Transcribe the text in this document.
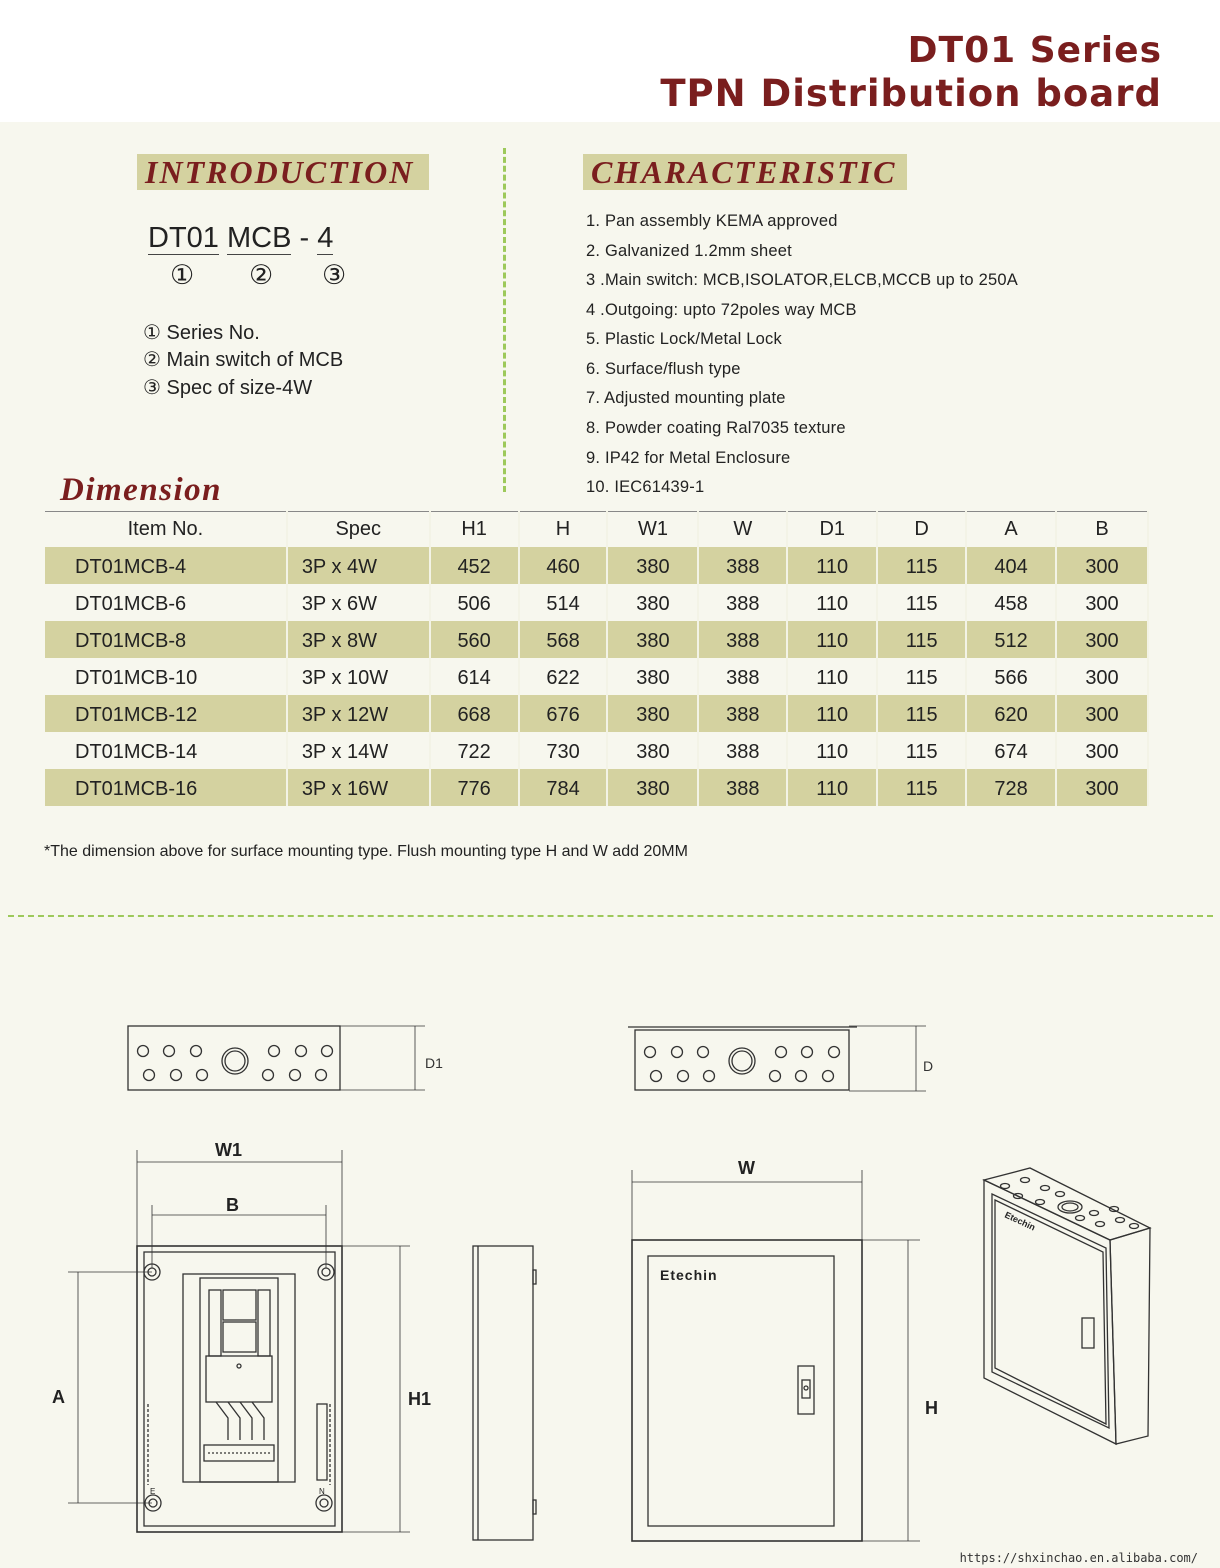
DT01 Series
TPN Distribution board
INTRODUCTION
DT01 MCB - 4
① ② ③
① Series No.
② Main switch of MCB
③ Spec of size-4W
CHARACTERISTIC
1. Pan assembly KEMA approved
2. Galvanized 1.2mm sheet
3 .Main switch: MCB,ISOLATOR,ELCB,MCCB up to 250A
4 .Outgoing: upto 72poles way MCB
5. Plastic Lock/Metal Lock
6. Surface/flush type
7. Adjusted mounting plate
8. Powder coating Ral7035 texture
9. IP42 for Metal Enclosure
10. IEC61439-1
Dimension
Item No.	Spec	H1	H	W1	W	D1	D	A	B
DT01MCB-4	3P x 4W	452	460	380	388	110	115	404	300
DT01MCB-6	3P x 6W	506	514	380	388	110	115	458	300
DT01MCB-8	3P x 8W	560	568	380	388	110	115	512	300
DT01MCB-10	3P x 10W	614	622	380	388	110	115	566	300
DT01MCB-12	3P x 12W	668	676	380	388	110	115	620	300
DT01MCB-14	3P x 14W	722	730	380	388	110	115	674	300
DT01MCB-16	3P x 16W	776	784	380	388	110	115	728	300
*The dimension above for surface mounting type. Flush mounting type H and W add 20MM
D1	D
W1
B
A	H1
E	N
W
H
Etechin
Etechin
https://shxinchao.en.alibaba.com/
